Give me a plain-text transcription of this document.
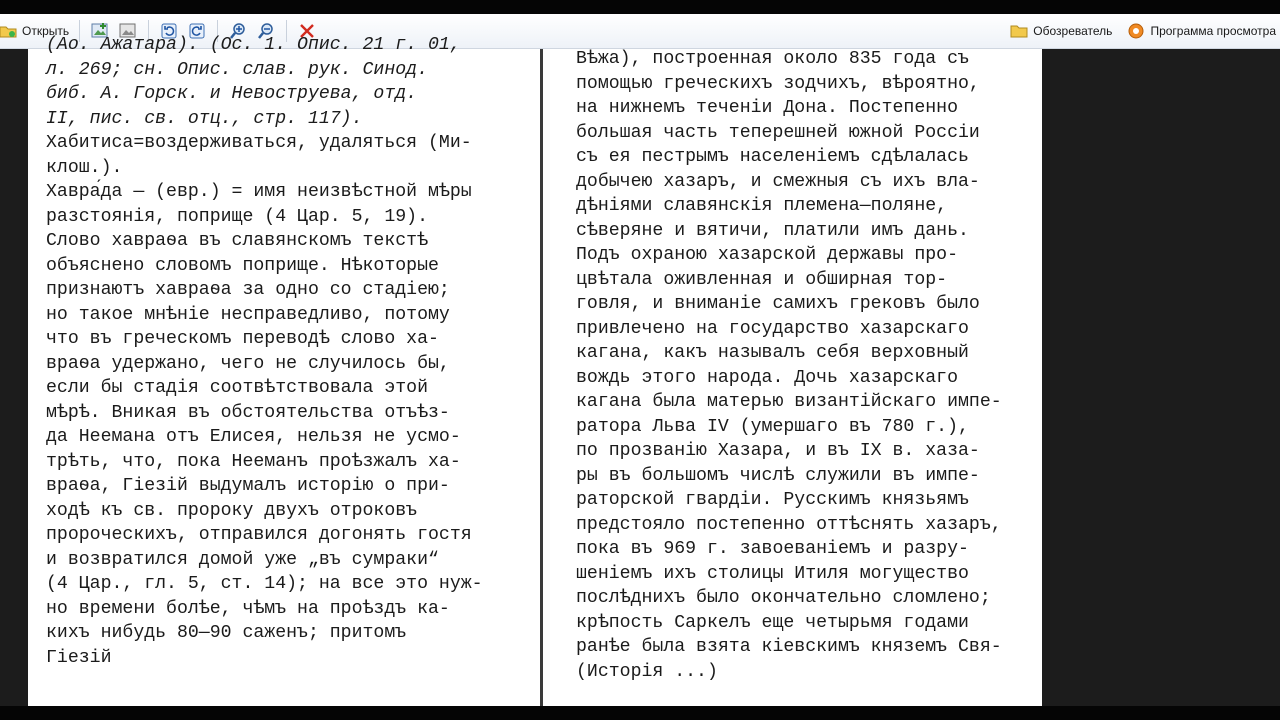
Открыть	Обозреватель	Программа просмотра
(Ао. Ажатара). (Ос. 1. Опис. 21 г. 01,
л. 269; сн. Опис. слав. рук. Синод.
биб. А. Горск. и Невоструева, отд.
II, пис. св. отц., стр. 117).
Хабитиса=воздерживаться, удаляться (Ми-
клош.).
Хавра́да — (евр.) = имя неизвѣстной мѣры
разстоянія, поприще (4 Цар. 5, 19).
Слово хавраѳа въ славянскомъ текстѣ
объяснено словомъ поприще. Нѣкоторые
признаютъ хавраѳа за одно со стадіею;
но такое мнѣніе несправедливо, потому
что въ греческомъ переводѣ слово ха-
враѳа удержано, чего не случилось бы,
если бы стадія соотвѣтствовала этой
мѣрѣ. Вникая въ обстоятельства отъѣз-
да Неемана отъ Елисея, нельзя не усмо-
трѣть, что, пока Нееманъ проѣзжалъ ха-
враѳа, Гіезій выдумалъ исторію о при-
ходѣ къ св. пророку двухъ отроковъ
пророческихъ, отправился догонять гостя
и возвратился домой уже „въ сумраки“
(4 Цар., гл. 5, ст. 14); на все это нуж-
но времени болѣе, чѣмъ на проѣздъ ка-
кихъ нибудь 80—90 саженъ; притомъ
Гіезій
Вѣжа), построенная около 835 года съ
помощью греческихъ зодчихъ, вѣроятно,
на нижнемъ теченіи Дона. Постепенно
большая часть теперешней южной Россіи
съ ея пестрымъ населеніемъ сдѣлалась
добычею хазаръ, и смежныя съ ихъ вла-
дѣніями славянскія племена—поляне,
сѣверяне и вятичи, платили имъ дань.
Подъ охраною хазарской державы про-
цвѣтала оживленная и обширная тор-
говля, и вниманіе самихъ грековъ было
привлечено на государство хазарскаго
кагана, какъ называлъ себя верховный
вождь этого народа. Дочь хазарскаго
кагана была матерью византійскаго импе-
ратора Льва IV (умершаго въ 780 г.),
по прозванію Хазара, и въ IX в. хаза-
ры въ большомъ числѣ служили въ импе-
раторской гвардіи. Русскимъ князьямъ
предстояло постепенно оттѣснять хазаръ,
пока въ 969 г. завоеваніемъ и разру-
шеніемъ ихъ столицы Итиля могущество
послѣднихъ было окончательно сломлено;
крѣпость Саркелъ еще четырьмя годами
ранѣе была взята кіевскимъ княземъ Свя-
(Исторія ...)
